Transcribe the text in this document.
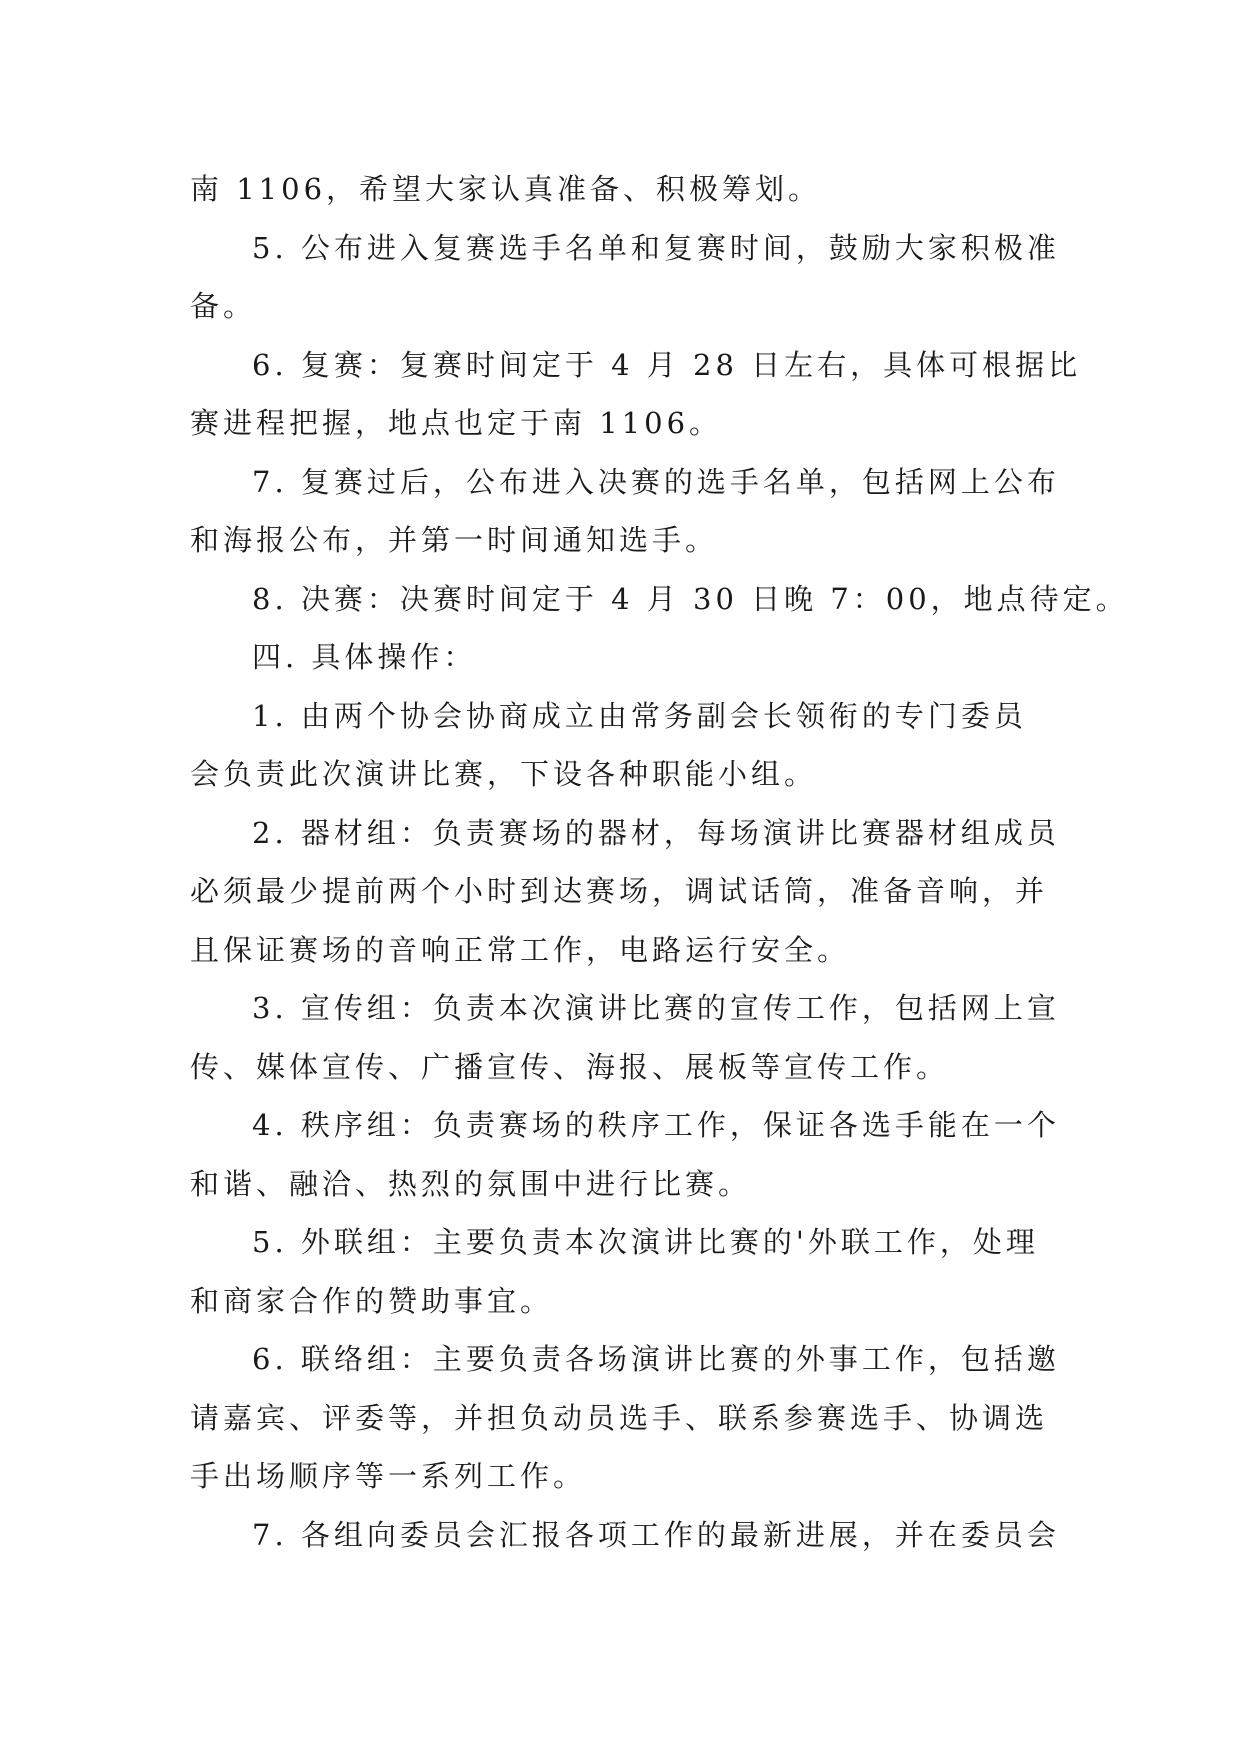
南 1106，希望大家认真准备、积极筹划。

5. 公布进入复赛选手名单和复赛时间，鼓励大家积极准
备。

6. 复赛：复赛时间定于 4 月 28 日左右，具体可根据比
赛进程把握，地点也定于南 1106。

7. 复赛过后，公布进入决赛的选手名单，包括网上公布
和海报公布，并第一时间通知选手。

8. 决赛：决赛时间定于 4 月 30 日晚 7：00，地点待定。

四. 具体操作：

1. 由两个协会协商成立由常务副会长领衔的专门委员
会负责此次演讲比赛，下设各种职能小组。

2. 器材组：负责赛场的器材，每场演讲比赛器材组成员
必须最少提前两个小时到达赛场，调试话筒，准备音响，并
且保证赛场的音响正常工作，电路运行安全。

3. 宣传组：负责本次演讲比赛的宣传工作，包括网上宣
传、媒体宣传、广播宣传、海报、展板等宣传工作。

4. 秩序组：负责赛场的秩序工作，保证各选手能在一个
和谐、融洽、热烈的氛围中进行比赛。

5. 外联组：主要负责本次演讲比赛的'外联工作，处理
和商家合作的赞助事宜。

6. 联络组：主要负责各场演讲比赛的外事工作，包括邀
请嘉宾、评委等，并担负动员选手、联系参赛选手、协调选
手出场顺序等一系列工作。

7. 各组向委员会汇报各项工作的最新进展，并在委员会
